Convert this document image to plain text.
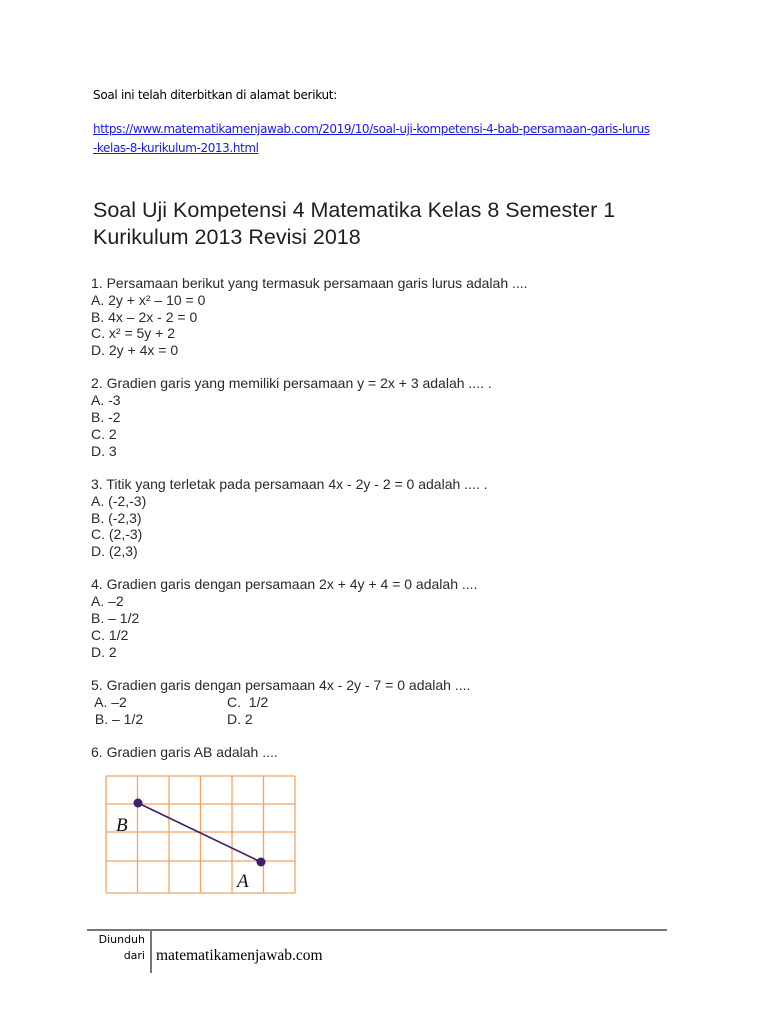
Soal ini telah diterbitkan di alamat berikut:
https://www.matematikamenjawab.com/2019/10/soal-uji-kompetensi-4-bab-persamaan-garis-lurus-kelas-8-kurikulum-2013.html
Soal Uji Kompetensi 4 Matematika Kelas 8 Semester 1 Kurikulum 2013 Revisi 2018

1. Persamaan berikut yang termasuk persamaan garis lurus adalah ....

A. 2y + x² – 10 = 0

B. 4x – 2x - 2 = 0

C. x² = 5y + 2

D. 2y + 4x = 0

2. Gradien garis yang memiliki persamaan y = 2x + 3 adalah .... .

A. -3

B. -2

C. 2

D. 3

3. Titik yang terletak pada persamaan 4x - 2y - 2 = 0 adalah .... .

A. (-2,-3)

B. (-2,3)

C. (2,-3)

D. (2,3)

4. Gradien garis dengan persamaan 2x + 4y + 4 = 0 adalah ....

A. –2

B. – 1/2

C. 1/2

D. 2

5. Gradien garis dengan persamaan 4x - 2y - 7 = 0 adalah ....

A. –2	C.  1/2
B. – 1/2	D. 2

6. Gradien garis AB adalah ....

B
A
Diunduh
dari matematikamenjawab.com
